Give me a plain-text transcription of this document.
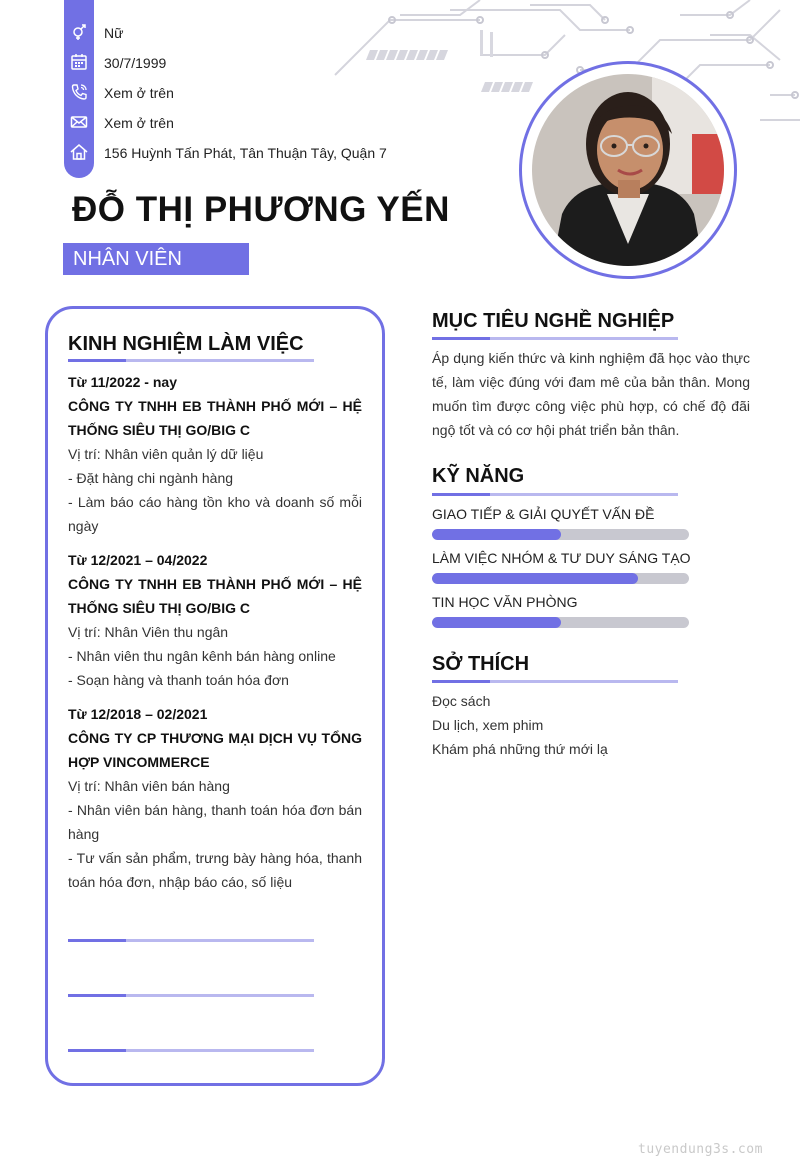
Nữ
30/7/1999
Xem ở trên
Xem ở trên
156 Huỳnh Tấn Phát, Tân Thuận Tây, Quận 7
ĐỖ THỊ PHƯƠNG YẾN
NHÂN VIÊN
KINH NGHIỆM LÀM VIỆC
Từ 11/2022 - nay
CÔNG TY TNHH EB THÀNH PHỐ MỚI – HỆ THỐNG SIÊU THỊ GO/BIG C
Vị trí: Nhân viên quản lý dữ liệu
- Đặt hàng chi ngành hàng
- Làm báo cáo hàng tồn kho và doanh số mỗi ngày
Từ 12/2021 – 04/2022
CÔNG TY TNHH EB THÀNH PHỐ MỚI – HỆ THỐNG SIÊU THỊ GO/BIG C
Vị trí: Nhân Viên thu ngân
- Nhân viên thu ngân kênh bán hàng online
- Soạn hàng và thanh toán hóa đơn
Từ 12/2018 – 02/2021
CÔNG TY CP THƯƠNG MẠI DỊCH VỤ TỔNG HỢP VINCOMMERCE
Vị trí: Nhân viên bán hàng
- Nhân viên bán hàng, thanh toán hóa đơn bán hàng
- Tư vấn sản phẩm, trưng bày hàng hóa, thanh toán hóa đơn, nhập báo cáo, số liệu
MỤC TIÊU NGHỀ NGHIỆP
Áp dụng kiến thức và kinh nghiệm đã học vào thực tế, làm việc đúng với đam mê của bản thân. Mong muốn tìm được công việc phù hợp, có chế độ đãi ngộ tốt và có cơ hội phát triển bản thân.
KỸ NĂNG
GIAO TIẾP & GIẢI QUYẾT VẤN ĐỀ
LÀM VIỆC NHÓM & TƯ DUY SÁNG TẠO
TIN HỌC VĂN PHÒNG
SỞ THÍCH
Đọc sách
Du lịch, xem phim
Khám phá những thứ mới lạ
tuyendung3s.com
